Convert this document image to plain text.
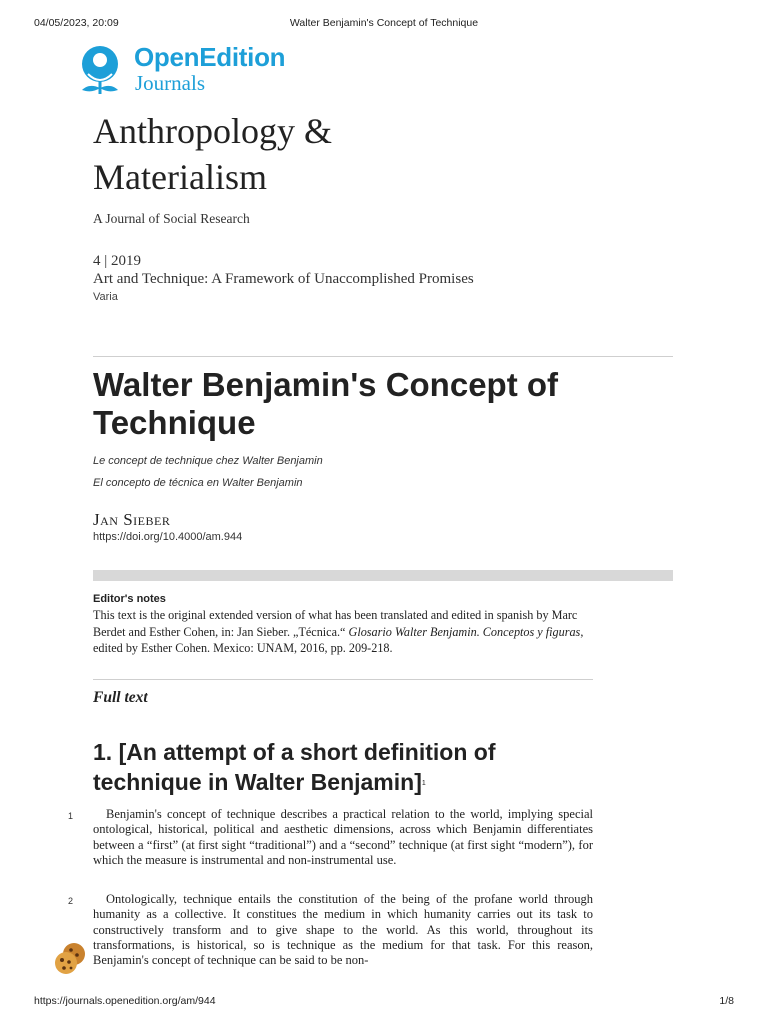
04/05/2023, 20:09	Walter Benjamin's Concept of Technique
OpenEdition
Journals
Anthropology & Materialism
A Journal of Social Research
4 | 2019
Art and Technique: A Framework of Unaccomplished Promises
Varia
Walter Benjamin's Concept of Technique
Le concept de technique chez Walter Benjamin
El concepto de técnica en Walter Benjamin
Jan Sieber
https://doi.org/10.4000/am.944
Editor's notes
This text is the original extended version of what has been translated and edited in spanish by Marc Berdet and Esther Cohen, in: Jan Sieber. „Técnica.“ Glosario Walter Benjamin. Conceptos y figuras, edited by Esther Cohen. Mexico: UNAM, 2016, pp. 209-218.
Full text
1. [An attempt of a short definition of technique in Walter Benjamin]$^1$
1	Benjamin's concept of technique describes a practical relation to the world, implying special ontological, historical, political and aesthetic dimensions, across which Benjamin differentiates between a “first” (at first sight “traditional”) and a “second” technique (at first sight “modern”), for which the measure is instrumental and non-instrumental use.

2	Ontologically, technique entails the constitution of the being of the profane world through humanity as a collective. It constitues the medium in which humanity carries out its task to constructively transform and to give shape to the world. As this world, throughout its transformations, is historical, so is technique as the medium for that task. For this reason, Benjamin's concept of technique can be said to be non-

https://journals.openedition.org/am/944	1/8
